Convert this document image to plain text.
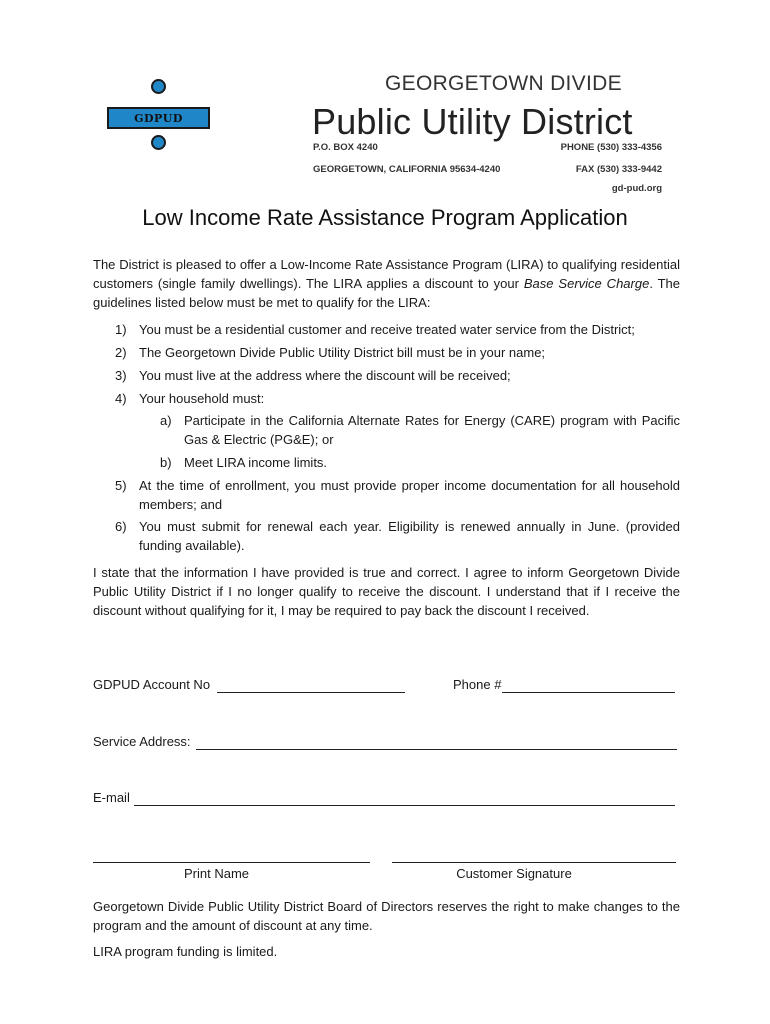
GDPUD
GEORGETOWN DIVIDE
Public Utility District
P.O. BOX 4240
GEORGETOWN, CALIFORNIA 95634-4240
PHONE (530) 333-4356
FAX (530) 333-9442
gd-pud.org
Low Income Rate Assistance Program Application
The District is pleased to offer a Low-Income Rate Assistance Program (LIRA) to qualifying residential customers (single family dwellings). The LIRA applies a discount to your Base Service Charge. The guidelines listed below must be met to qualify for the LIRA:
1) You must be a residential customer and receive treated water service from the District;
2) The Georgetown Divide Public Utility District bill must be in your name;
3) You must live at the address where the discount will be received;
4) Your household must:
a) Participate in the California Alternate Rates for Energy (CARE) program with Pacific Gas & Electric (PG&E); or
b) Meet LIRA income limits.
5) At the time of enrollment, you must provide proper income documentation for all household members; and
6) You must submit for renewal each year. Eligibility is renewed annually in June. (provided funding available).
I state that the information I have provided is true and correct. I agree to inform Georgetown Divide Public Utility District if I no longer qualify to receive the discount. I understand that if I receive the discount without qualifying for it, I may be required to pay back the discount I received.
GDPUD Account No	Phone #
Service Address:
E-mail
Print Name	Customer Signature
Georgetown Divide Public Utility District Board of Directors reserves the right to make changes to the program and the amount of discount at any time.
LIRA program funding is limited.
